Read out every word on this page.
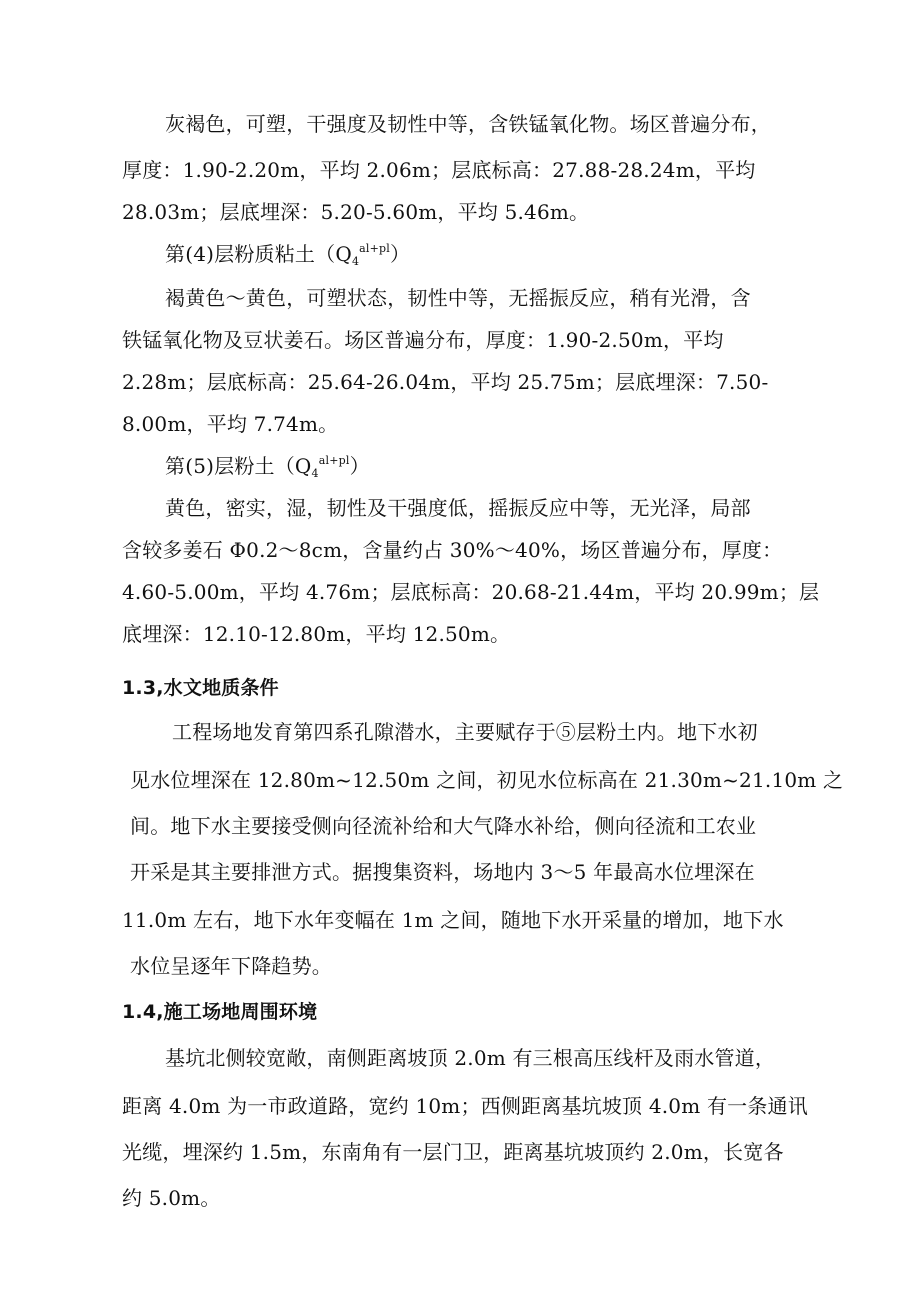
灰褐色，可塑，干强度及韧性中等，含铁锰氧化物。场区普遍分布，
厚度：1.90-2.20m，平均 2.06m；层底标高：27.88-28.24m，平均
28.03m；层底埋深：5.20-5.60m，平均 5.46m。
第(4)层粉质粘土$(Q_4^{al+pl})$
褐黄色～黄色，可塑状态，韧性中等，无摇振反应，稍有光滑，含
铁锰氧化物及豆状姜石。场区普遍分布，厚度：1.90-2.50m，平均
2.28m；层底标高：25.64-26.04m，平均 25.75m；层底埋深：7.50-
8.00m，平均 7.74m。
第(5)层粉土$(Q_4^{al+pl})$
黄色，密实，湿，韧性及干强度低，摇振反应中等，无光泽，局部
含较多姜石 Φ0.2～8cm，含量约占 30%～40%，场区普遍分布，厚度：
4.60-5.00m，平均 4.76m；层底标高：20.68-21.44m，平均 20.99m；层
底埋深：12.10-12.80m，平均 12.50m。
1.3,水文地质条件
工程场地发育第四系孔隙潜水，主要赋存于⑤层粉土内。地下水初
见水位埋深在 12.80m~12.50m 之间，初见水位标高在 21.30m~21.10m 之
间。地下水主要接受侧向径流补给和大气降水补给，侧向径流和工农业
开采是其主要排泄方式。据搜集资料，场地内 3～5 年最高水位埋深在
11.0m 左右，地下水年变幅在 1m 之间，随地下水开采量的增加，地下水
水位呈逐年下降趋势。
1.4,施工场地周围环境
基坑北侧较宽敞，南侧距离坡顶 2.0m 有三根高压线杆及雨水管道，
距离 4.0m 为一市政道路，宽约 10m；西侧距离基坑坡顶 4.0m 有一条通讯
光缆，埋深约 1.5m，东南角有一层门卫，距离基坑坡顶约 2.0m，长宽各
约 5.0m。
